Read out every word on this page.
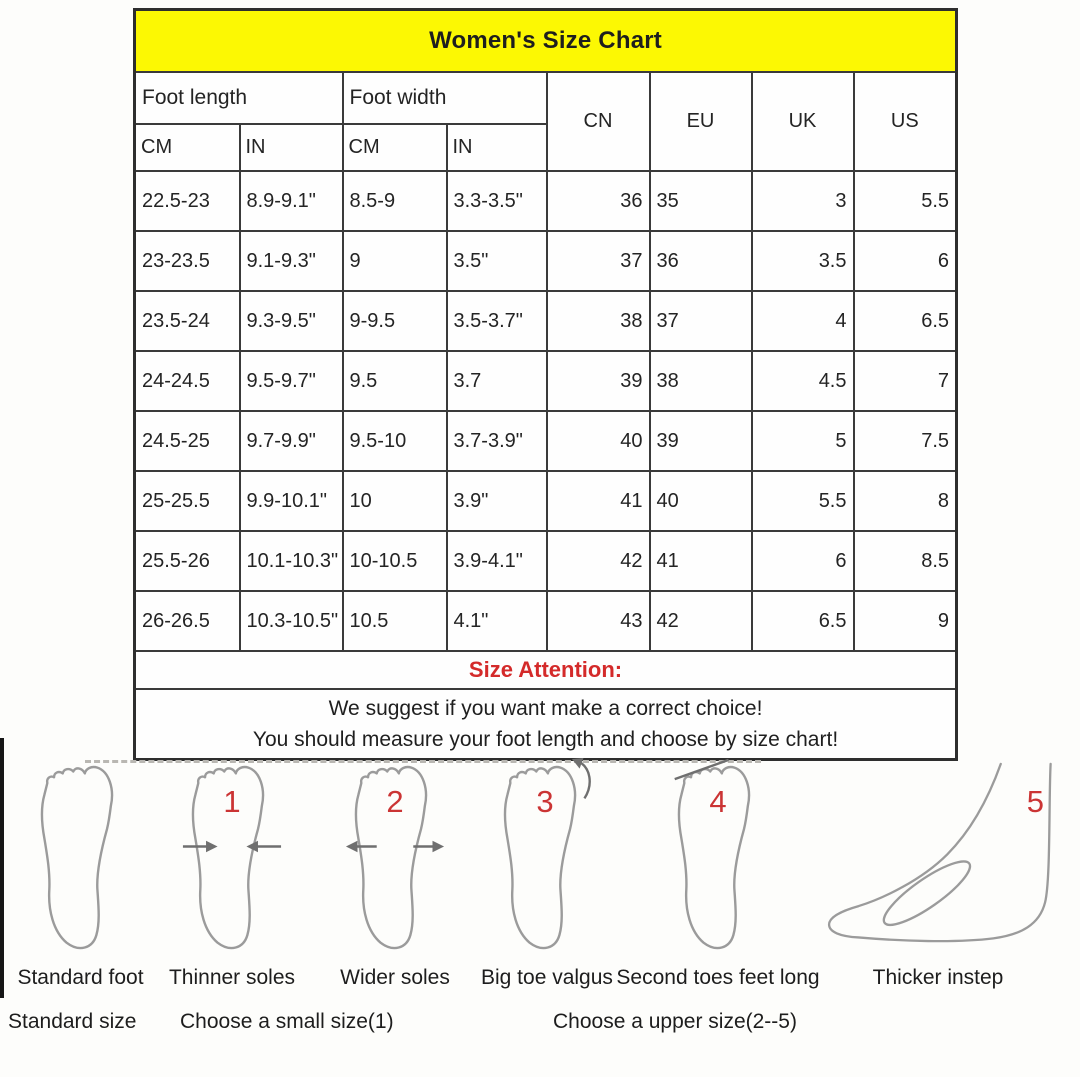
Women's Size Chart							
Foot length		Foot width		CN	EU	UK	US
CM	IN	CM	IN				
22.5-23	8.9-9.1"	8.5-9	3.3-3.5"	36	35	3	5.5
23-23.5	9.1-9.3"	9	3.5"	37	36	3.5	6
23.5-24	9.3-9.5"	9-9.5	3.5-3.7"	38	37	4	6.5
24-24.5	9.5-9.7"	9.5	3.7	39	38	4.5	7
24.5-25	9.7-9.9"	9.5-10	3.7-3.9"	40	39	5	7.5
25-25.5	9.9-10.1"	10	3.9"	41	40	5.5	8
25.5-26	10.1-10.3"	10-10.5	3.9-4.1"	42	41	6	8.5
26-26.5	10.3-10.5"	10.5	4.1"	43	42	6.5	9
Size Attention:							

We suggest if you want make a correct choice!
You should measure your foot length and choose by size chart!							
Standard foot
1
Thinner soles
2
Wider soles
3
Big toe valgus
4
Second toes feet long
5
Thicker instep
Standard size Choose a small size(1)	Choose a upper size(2--5)
